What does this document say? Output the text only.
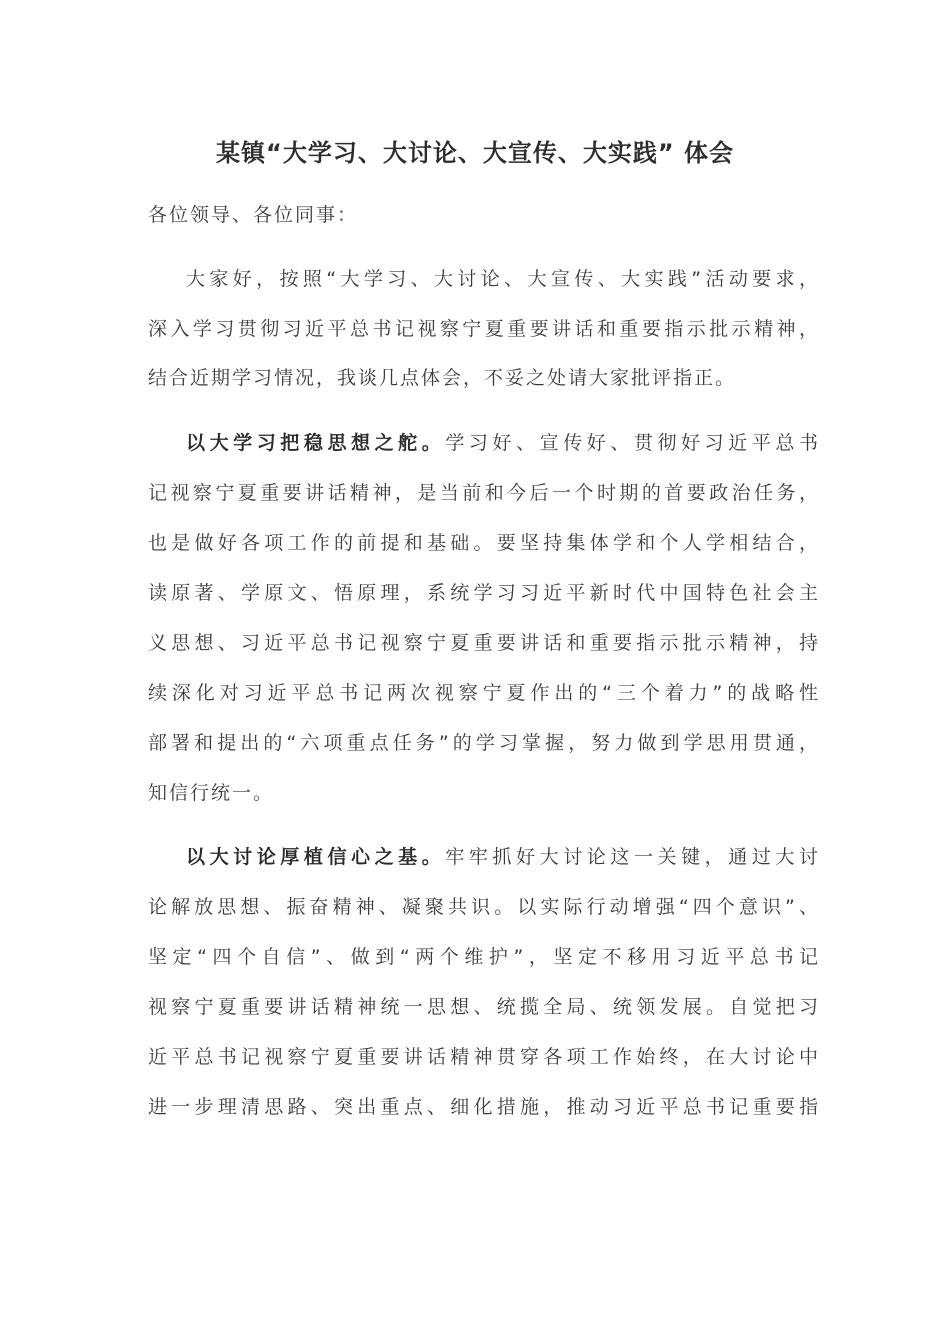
某镇“大学习、大讨论、大宣传、大实践” 体会
各位领导、各位同事：
大家好，按照“大学习、大讨论、大宣传、大实践”活动要求，
深入学习贯彻习近平总书记视察宁夏重要讲话和重要指示批示精神，
结合近期学习情况，我谈几点体会，不妥之处请大家批评指正。
以大学习把稳思想之舵。学习好、宣传好、贯彻好习近平总书
记视察宁夏重要讲话精神，是当前和今后一个时期的首要政治任务，
也是做好各项工作的前提和基础。要坚持集体学和个人学相结合，
读原著、学原文、悟原理，系统学习习近平新时代中国特色社会主
义思想、习近平总书记视察宁夏重要讲话和重要指示批示精神，持
续深化对习近平总书记两次视察宁夏作出的“三个着力”的战略性
部署和提出的“六项重点任务”的学习掌握，努力做到学思用贯通，
知信行统一。
以大讨论厚植信心之基。牢牢抓好大讨论这一关键，通过大讨
论解放思想、振奋精神、凝聚共识。以实际行动增强“四个意识”、
坚定“四个自信”、做到“两个维护”，坚定不移用习近平总书记
视察宁夏重要讲话精神统一思想、统揽全局、统领发展。自觉把习
近平总书记视察宁夏重要讲话精神贯穿各项工作始终，在大讨论中
进一步理清思路、突出重点、细化措施，推动习近平总书记重要指
